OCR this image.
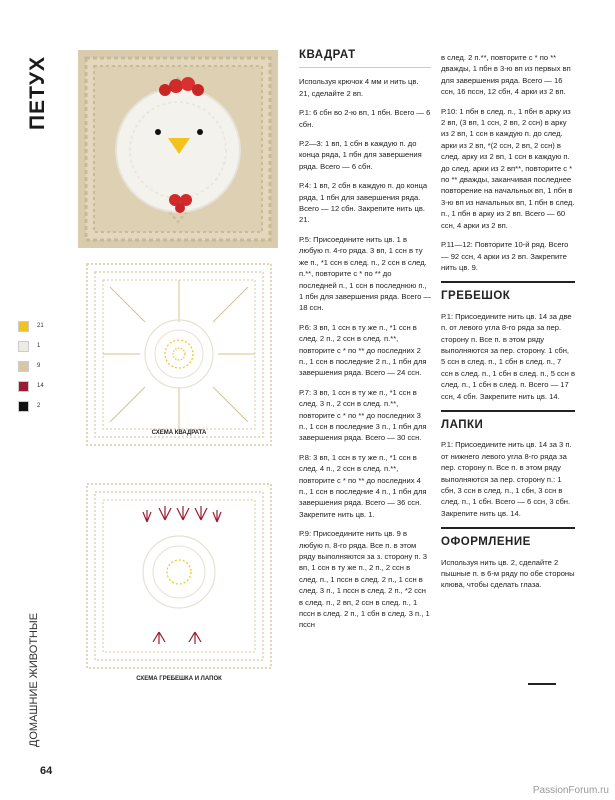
ПЕТУХ
ДОМАШНИЕ ЖИВОТНЫЕ
64
21
1
9
14
2
СХЕМА КВАДРАТА
СХЕМА ГРЕБЕШКА И ЛАПОК
КВАДРАТ

Используя крючок 4 мм и нить цв. 21, сделайте 2 вп.

Р.1: 6 сбн во 2-ю вп, 1 пбн. Всего — 6 сбн.

Р.2—3: 1 вп, 1 сбн в каждую п. до конца ряда, 1 пбн для завершения ряда. Всего — 6 сбн.

Р.4: 1 вп, 2 сбн в каждую п. до конца ряда, 1 пбн для завершения ряда. Всего — 12 сбн. Закрепите нить цв. 21.

Р.5: Присоедините нить цв. 1 в любую п. 4-го ряда. 3 вп, 1 ссн в ту же п., *1 ссн в след. п., 2 ссн в след. п.**, повторите с * по ** до последней п., 1 ссн в последнюю п., 1 пбн для завершения ряда. Всего — 18 ссн.

Р.6: 3 вп, 1 ссн в ту же п., *1 ссн в след. 2 п., 2 ссн в след. п.**, повторите с * по ** до последних 2 п., 1 ссн в последние 2 п., 1 пбн для завершения ряда. Всего — 24 ссн.

Р.7: 3 вп, 1 ссн в ту же п., *1 ссн в след. 3 п., 2 ссн в след. п.**, повторите с * по ** до последних 3 п., 1 ссн в последние 3 п., 1 пбн для завершения ряда. Всего — 30 ссн.

Р.8: 3 вп, 1 ссн в ту же п., *1 ссн в след. 4 п., 2 ссн в след. п.**, повторите с * по ** до последних 4 п., 1 ссн в последние 4 п., 1 пбн для завершения ряда. Всего — 36 ссн. Закрепите нить цв. 1.

Р.9: Присоедините нить цв. 9 в любую п. 8-го ряда. Все п. в этом ряду выполняются за з. сторону п. 3 вп, 1 ссн в ту же п., 2 п., 2 ссн в след. п., 1 пссн в след. 2 п., 1 ссн в след. 3 п., 1 пссн в след. 2 п., *2 ссн в след. п., 2 вп, 2 ссн в след. п., 1 пссн в след. 2 п., 1 сбн в след. 3 п., 1 пссн

в след. 2 п.**, повторите с * по ** дважды, 1 пбн в 3-ю вп из первых вп для завершения ряда. Всего — 16 ссн, 16 пссн, 12 сбн, 4 арки из 2 вп.

Р.10: 1 пбн в след. п., 1 пбн в арку из 2 вп, (3 вп, 1 ссн, 2 вп, 2 ссн) в арку из 2 вп, 1 ссн в каждую п. до след. арки из 2 вп, *(2 ссн, 2 вп, 2 ссн) в след. арку из 2 вп, 1 ссн в каждую п. до след. арки из 2 вп**, повторите с * по ** дважды, заканчивая последнее повторение на начальных вп, 1 пбн в 3-ю вп из начальных вп, 1 пбн в след. п., 1 пбн в арку из 2 вп. Всего — 60 ссн, 4 арки из 2 вп.

Р.11—12: Повторите 10-й ряд. Всего — 92 ссн, 4 арки из 2 вп. Закрепите нить цв. 9.

ГРЕБЕШОК

Р.1: Присоедините нить цв. 14 за две п. от левого угла 8-го ряда за пер. сторону п. Все п. в этом ряду выполняются за пер. сторону. 1 сбн, 5 ссн в след. п., 1 сбн в след. п., 7 ссн в след. п., 1 сбн в след. п., 5 ссн в след. п., 1 сбн в след. п. Всего — 17 ссн, 4 сбн. Закрепите нить цв. 14.

ЛАПКИ

Р.1: Присоедините нить цв. 14 за 3 п. от нижнего левого угла 8-го ряда за пер. сторону п. Все п. в этом ряду выполняются за пер. сторону п.: 1 сбн, 3 ссн в след. п., 1 сбн, 3 ссн в след. п., 1 сбн. Всего — 6 ссн, 3 сбн. Закрепите нить цв. 14.

ОФОРМЛЕНИЕ

Используя нить цв. 2, сделайте 2 пышные п. в 6-м ряду по обе стороны клюва, чтобы сделать глаза.

PassionForum.ru
